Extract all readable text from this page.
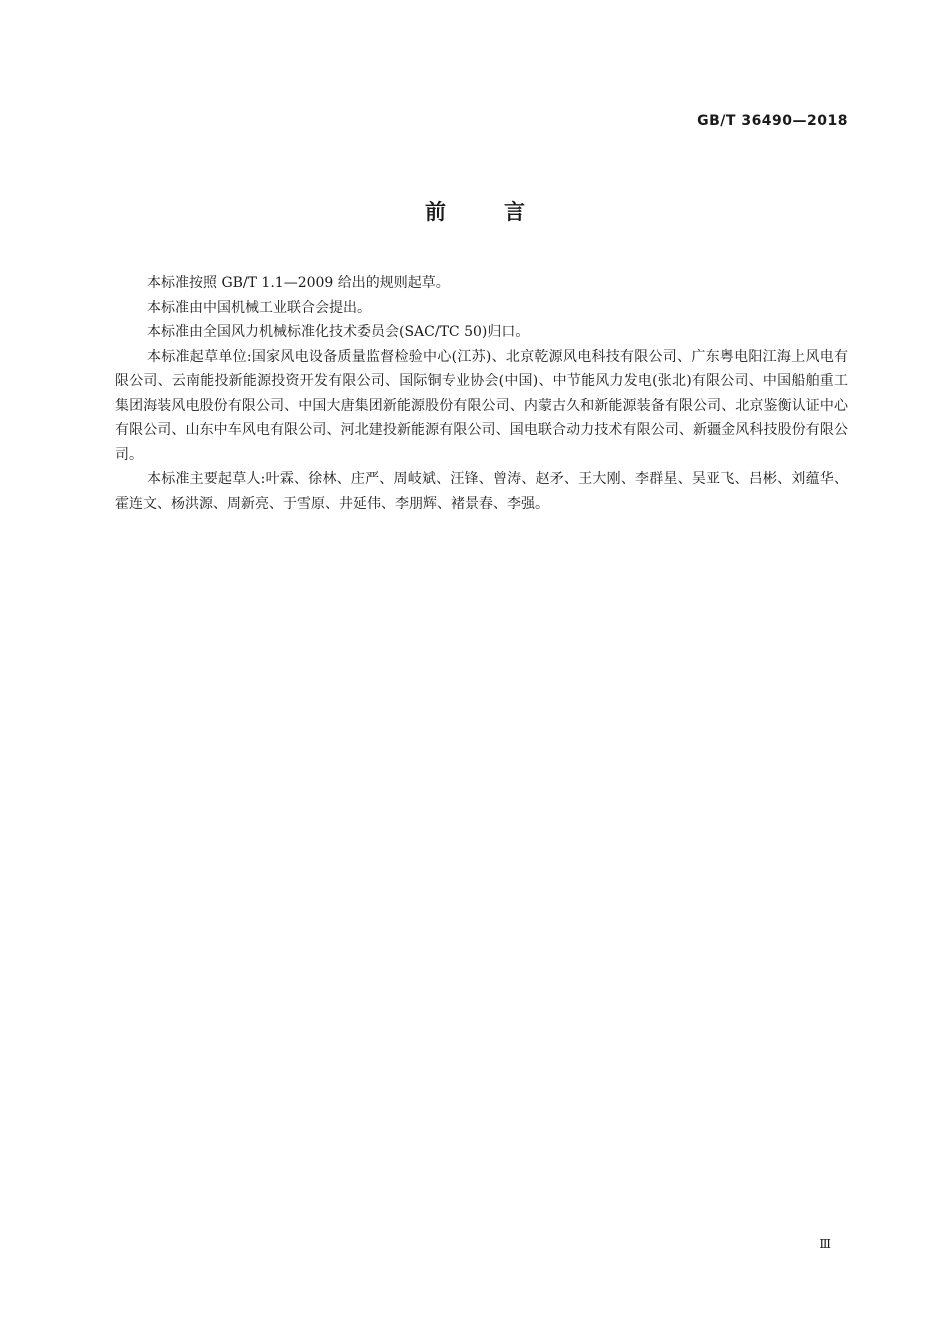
GB/T 36490—2018
前言

本标准按照 GB/T 1.1—2009 给出的规则起草。

本标准由中国机械工业联合会提出。

本标准由全国风力机械标准化技术委员会(SAC/TC 50)归口。

本标准起草单位:国家风电设备质量监督检验中心(江苏)、北京乾源风电科技有限公司、广东粤电阳江海上风电有限公司、云南能投新能源投资开发有限公司、国际铜专业协会(中国)、中节能风力发电(张北)有限公司、中国船舶重工集团海装风电股份有限公司、中国大唐集团新能源股份有限公司、内蒙古久和新能源装备有限公司、北京鉴衡认证中心有限公司、山东中车风电有限公司、河北建投新能源有限公司、国电联合动力技术有限公司、新疆金风科技股份有限公司。

本标准主要起草人:叶霖、徐林、庄严、周岐斌、汪锋、曾涛、赵矛、王大刚、李群星、吴亚飞、吕彬、刘蕴华、霍连文、杨洪源、周新亮、于雪原、井延伟、李朋辉、褚景春、李强。

Ⅲ
